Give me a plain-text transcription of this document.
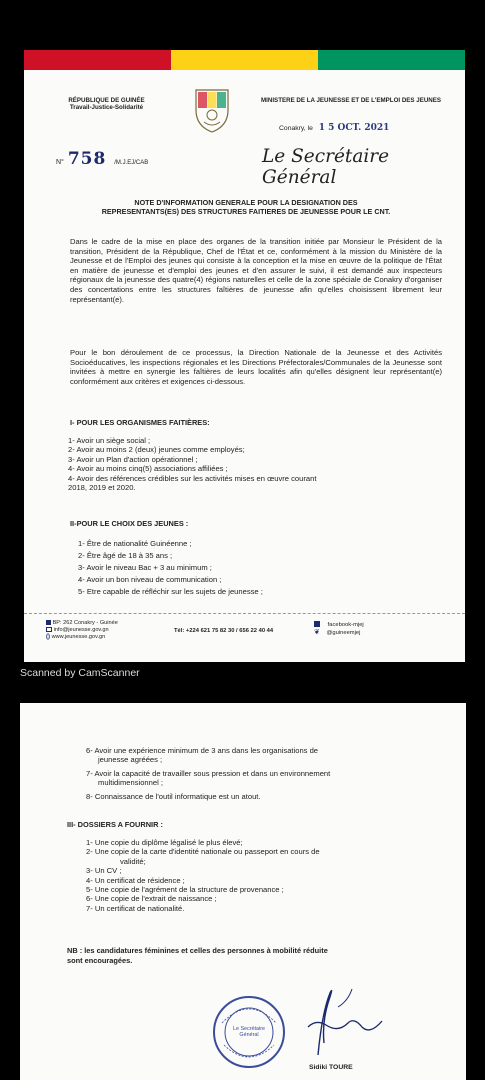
RÉPUBLIQUE DE GUINÉE
Travail-Justice-Solidarité
MINISTERE DE LA JEUNESSE ET DE L'EMPLOI DES JEUNES
Conakry, le 1 5 OCT. 2021
N° 758 /M.J.EJ/CAB	Le Secrétaire Général
NOTE D'INFORMATION GENERALE POUR LA DESIGNATION DES
REPRESENTANTS(ES) DES STRUCTURES FAITIERES DE JEUNESSE POUR LE CNT.
Dans le cadre de la mise en place des organes de la transition initiée par Monsieur le Président de la transition, Président de la République, Chef de l'État et ce, conformément à la mission du Ministère de la Jeunesse et de l'Emploi des jeunes qui consiste à la conception et la mise en œuvre de la politique de l'État en matière de jeunesse et d'emploi des jeunes et d'en assurer le suivi, il est demandé aux inspecteurs régionaux de la jeunesse des quatre(4) régions naturelles et celle de la zone spéciale de Conakry d'organiser des concertations entre les structures faîtières de jeunesse afin qu'elles choisissent librement leur représentant(e).
Pour le bon déroulement de ce processus, la Direction Nationale de la Jeunesse et des Activités Socioéducatives, les inspections régionales et les Directions Préfectorales/Communales de la Jeunesse sont invitées à mettre en synergie les faîtières de leurs localités afin qu'elles désignent leur représentant(e) conformément aux critères et exigences ci-dessous.
I- POUR LES ORGANISMES FAITIÈRES:
1- Avoir un siège social ;
2- Avoir au moins 2 (deux) jeunes comme employés;
3- Avoir un Plan d'action opérationnel ;
4- Avoir au moins cinq(5) associations affiliées ;
4- Avoir des références crédibles sur les activités mises en œuvre courant
2018, 2019 et 2020.
II-POUR LE CHOIX DES JEUNES :
1- Être de nationalité Guinéenne ;
2- Être âgé de 18 à 35 ans ;
3- Avoir le niveau Bac + 3 au minimum ;
4- Avoir un bon niveau de communication ;
5- Etre capable de réfléchir sur les sujets de jeunesse ;
BP: 262 Conakry - Guinée
info@jeunesse.gov.gn
() www.jeunesse.gov.gn
Tél: +224 621 75 82 30 / 656 22 40 44
facebook-mjej
❦ @guineemjej
Scanned by CamScanner
6- Avoir une expérience minimum de 3 ans dans les organisations de
jeunesse agréées ;
7- Avoir la capacité de travailler sous pression et dans un environnement
multidimensionnel ;
8- Connaissance de l'outil informatique est un atout.
III- DOSSIERS A FOURNIR :
1- Une copie du diplôme légalisé le plus élevé;
2- Une copie de la carte d'identité nationale ou passeport en cours de
validité;
3- Un CV ;
4- Un certificat de résidence ;
5- Une copie de l'agrément de la structure de provenance ;
6- Une copie de l'extrait de naissance ;
7- Un certificat de nationalité.
NB : les candidatures féminines et celles des personnes à mobilité réduite
sont encouragées.
Le Secrétaire Général
Sidiki TOURE
